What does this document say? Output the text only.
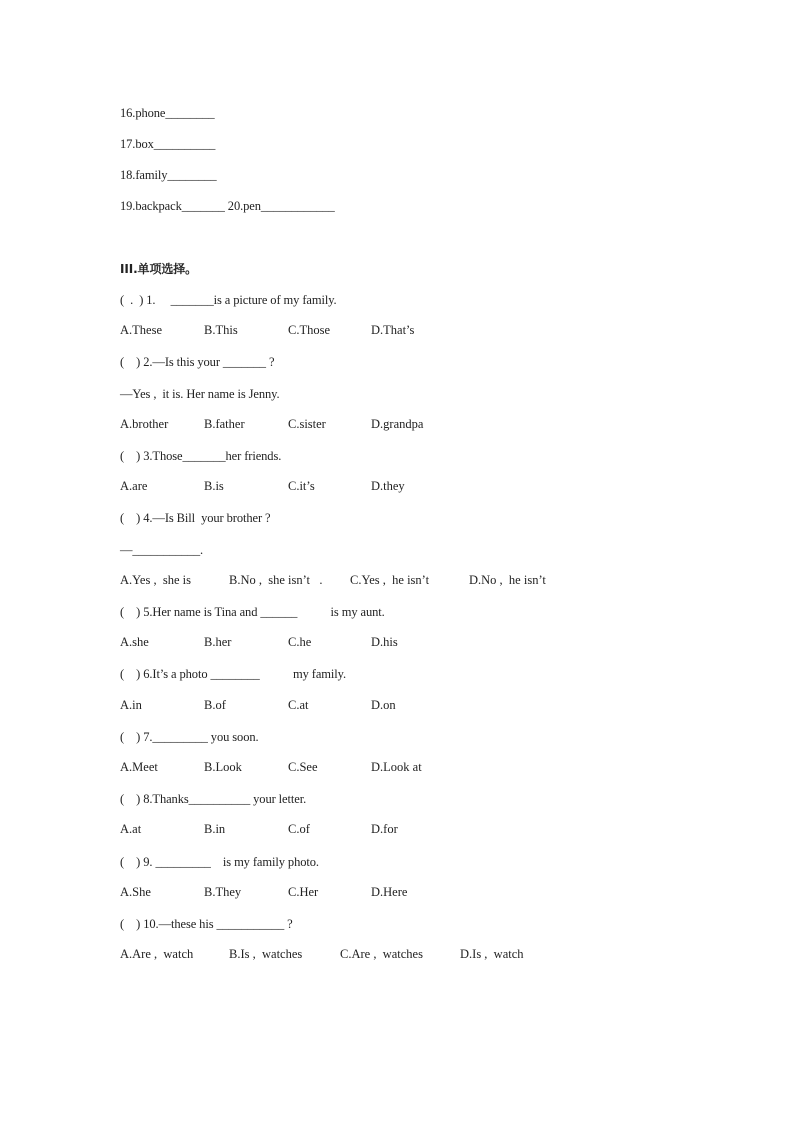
16.phone________
17.box__________
18.family________
19.backpack_______ 20.pen____________
III.单项选择。
(  .  ) 1.     _______is a picture of my family.
A.These	B.This	C.Those	D.That’s
(    ) 2.—Is this your _______ ?
—Yes ,  it is. Her name is Jenny.
A.brother	B.father	C.sister	D.grandpa
(    ) 3.Those_______her friends.
A.are	B.is	C.it’s	D.they
(    ) 4.—Is Bill  your brother ?
—___________.
A.Yes ,  she is	B.No ,  she isn’t   . C.Yes ,  he isn’t	D.No ,  he isn’t
(    ) 5.Her name is Tina and ______           is my aunt.
A.she	B.her	C.he	D.his
(    ) 6.It’s a photo ________           my family.
A.in	B.of	C.at	D.on
(    ) 7._________ you soon.
A.Meet	B.Look	C.See	D.Look at
(    ) 8.Thanks__________ your letter.
A.at	B.in	C.of	D.for
(    ) 9. _________    is my family photo.
A.She	B.They	C.Her	D.Here
(    ) 10.—these his ___________ ?
A.Are ,  watch	B.Is ,  watches	C.Are ,  watches	D.Is ,  watch
